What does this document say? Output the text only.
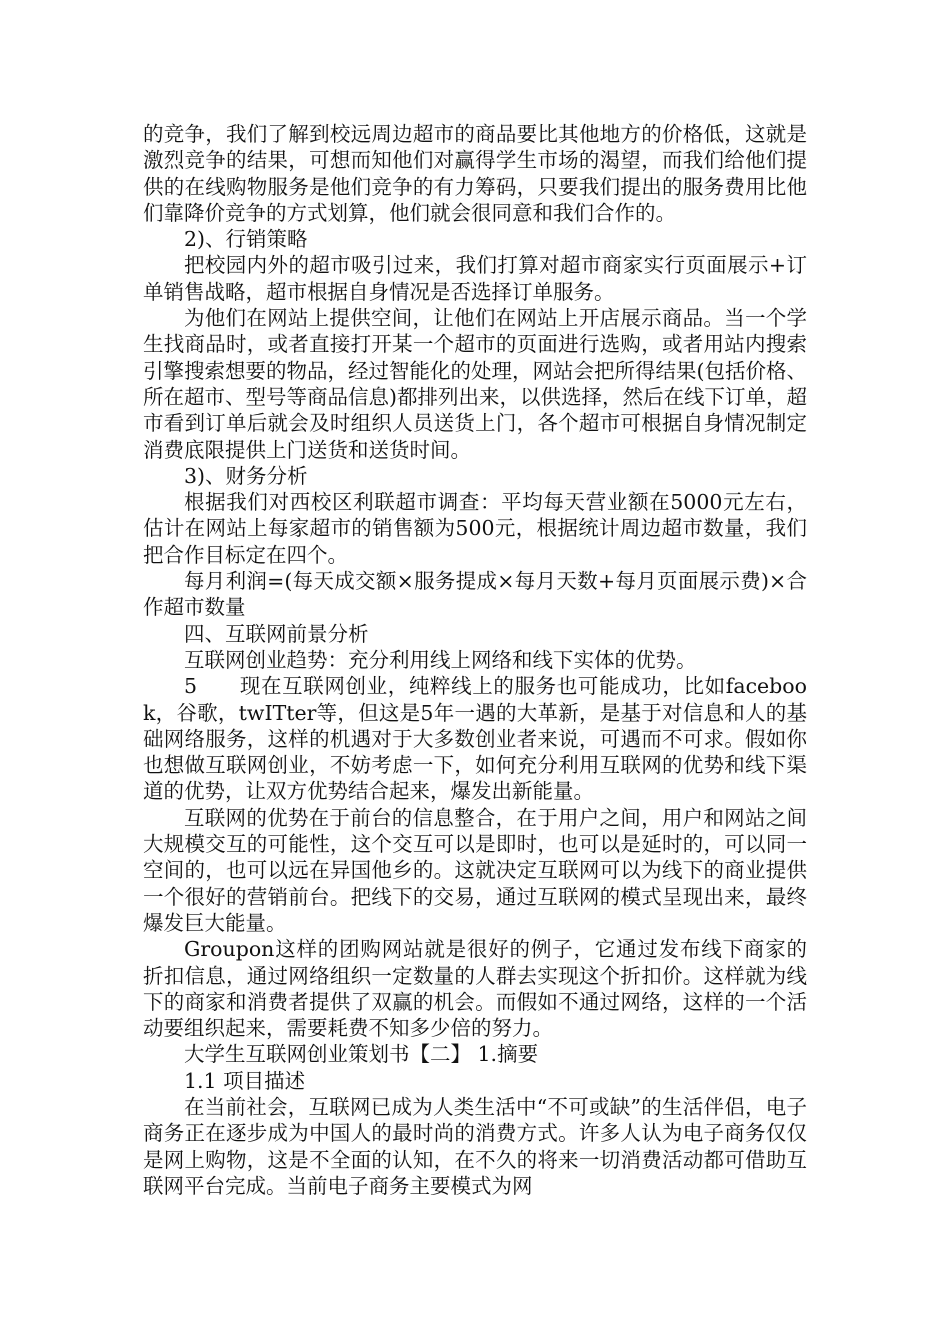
的竞争，我们了解到校远周边超市的商品要比其他地方的价格低，这就是激烈竞争的结果，可想而知他们对赢得学生市场的渴望，而我们给他们提供的在线购物服务是他们竞争的有力筹码，只要我们提出的服务费用比他们靠降价竞争的方式划算，他们就会很同意和我们合作的。

2)、行销策略

把校园内外的超市吸引过来，我们打算对超市商家实行页面展示+订单销售战略，超市根据自身情况是否选择订单服务。

为他们在网站上提供空间，让他们在网站上开店展示商品。当一个学生找商品时，或者直接打开某一个超市的页面进行选购，或者用站内搜索引擎搜索想要的物品，经过智能化的处理，网站会把所得结果(包括价格、所在超市、型号等商品信息)都排列出来，以供选择，然后在线下订单，超市看到订单后就会及时组织人员送货上门，各个超市可根据自身情况制定消费底限提供上门送货和送货时间。

3)、财务分析

根据我们对西校区利联超市调查：平均每天营业额在5000元左右，估计在网站上每家超市的销售额为500元，根据统计周边超市数量，我们把合作目标定在四个。

每月利润=(每天成交额×服务提成×每月天数+每月页面展示费)×合作超市数量

四、互联网前景分析

互联网创业趋势：充分利用线上网络和线下实体的优势。

5　　现在互联网创业，纯粹线上的服务也可能成功，比如facebook，谷歌，twITter等，但这是5年一遇的大革新，是基于对信息和人的基础网络服务，这样的机遇对于大多数创业者来说，可遇而不可求。假如你也想做互联网创业，不妨考虑一下，如何充分利用互联网的优势和线下渠道的优势，让双方优势结合起来，爆发出新能量。

互联网的优势在于前台的信息整合，在于用户之间，用户和网站之间大规模交互的可能性，这个交互可以是即时，也可以是延时的，可以同一空间的，也可以远在异国他乡的。这就决定互联网可以为线下的商业提供一个很好的营销前台。把线下的交易，通过互联网的模式呈现出来，最终爆发巨大能量。

Groupon这样的团购网站就是很好的例子，它通过发布线下商家的折扣信息，通过网络组织一定数量的人群去实现这个折扣价。这样就为线下的商家和消费者提供了双赢的机会。而假如不通过网络，这样的一个活动要组织起来，需要耗费不知多少倍的努力。

大学生互联网创业策划书【二】 1.摘要

1.1 项目描述

在当前社会，互联网已成为人类生活中“不可或缺”的生活伴侣，电子商务正在逐步成为中国人的最时尚的消费方式。许多人认为电子商务仅仅是网上购物，这是不全面的认知，在不久的将来一切消费活动都可借助互联网平台完成。当前电子商务主要模式为网
